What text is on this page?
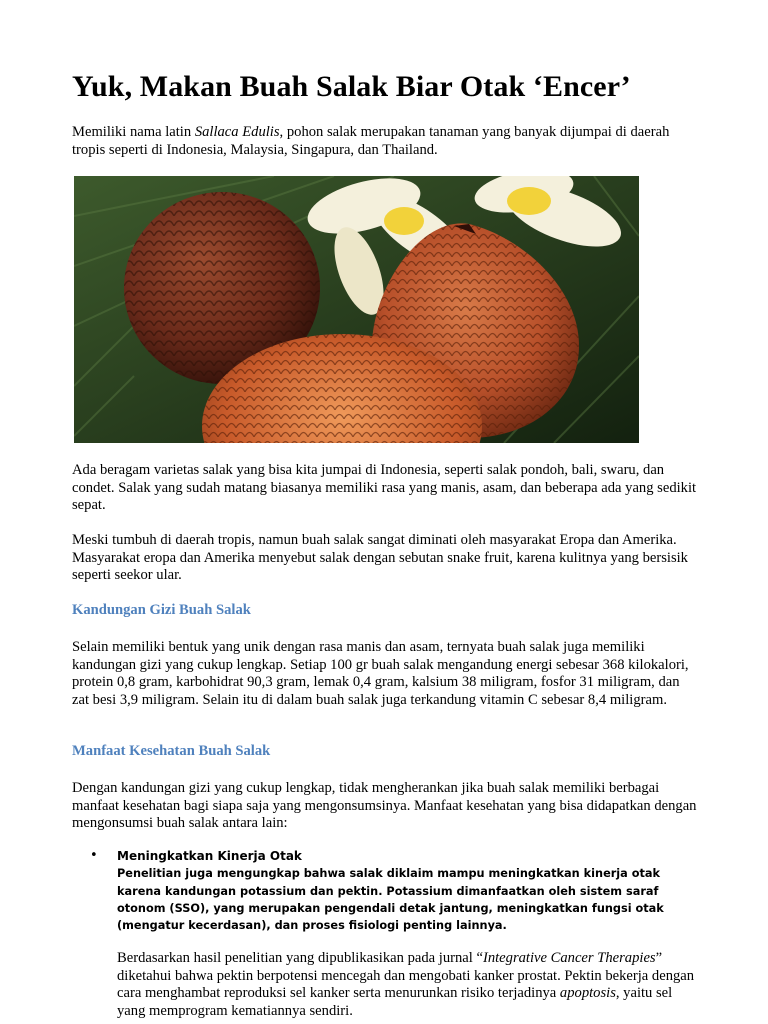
Yuk, Makan Buah Salak Biar Otak ‘Encer’

Memiliki nama latin Sallaca Edulis, pohon salak merupakan tanaman yang banyak dijumpai di daerah tropis seperti di Indonesia, Malaysia, Singapura, dan Thailand.

Ada beragam varietas salak yang bisa kita jumpai di Indonesia, seperti salak pondoh, bali, swaru, dan condet. Salak yang sudah matang biasanya memiliki rasa yang manis, asam, dan beberapa ada yang sedikit sepat.

Meski tumbuh di daerah tropis, namun buah salak sangat diminati oleh masyarakat Eropa dan Amerika. Masyarakat eropa dan Amerika menyebut salak dengan sebutan snake fruit, karena kulitnya yang bersisik seperti seekor ular.

Kandungan Gizi Buah Salak

Selain memiliki bentuk yang unik dengan rasa manis dan asam, ternyata buah salak juga memiliki kandungan gizi yang cukup lengkap. Setiap 100 gr buah salak mengandung energi sebesar 368 kilokalori, protein 0,8 gram, karbohidrat 90,3 gram, lemak 0,4 gram, kalsium 38 miligram, fosfor 31 miligram, dan zat besi 3,9 miligram. Selain itu di dalam buah salak juga terkandung vitamin C sebesar 8,4 miligram.

Manfaat Kesehatan Buah Salak

Dengan kandungan gizi yang cukup lengkap, tidak mengherankan jika buah salak memiliki berbagai manfaat kesehatan bagi siapa saja yang mengonsumsinya. Manfaat kesehatan yang bisa didapatkan dengan mengonsumsi buah salak antara lain:

• Meningkatkan Kinerja Otak
Penelitian juga mengungkap bahwa salak diklaim mampu meningkatkan kinerja otak karena kandungan potassium dan pektin. Potassium dimanfaatkan oleh sistem saraf otonom (SSO), yang merupakan pengendali detak jantung, meningkatkan fungsi otak (mengatur kecerdasan), dan proses fisiologi penting lainnya.

Berdasarkan hasil penelitian yang dipublikasikan pada jurnal “Integrative Cancer Therapies” diketahui bahwa pektin berpotensi mencegah dan mengobati kanker prostat. Pektin bekerja dengan cara menghambat reproduksi sel kanker serta menurunkan risiko terjadinya apoptosis, yaitu sel yang memprogram kematiannya sendiri.
